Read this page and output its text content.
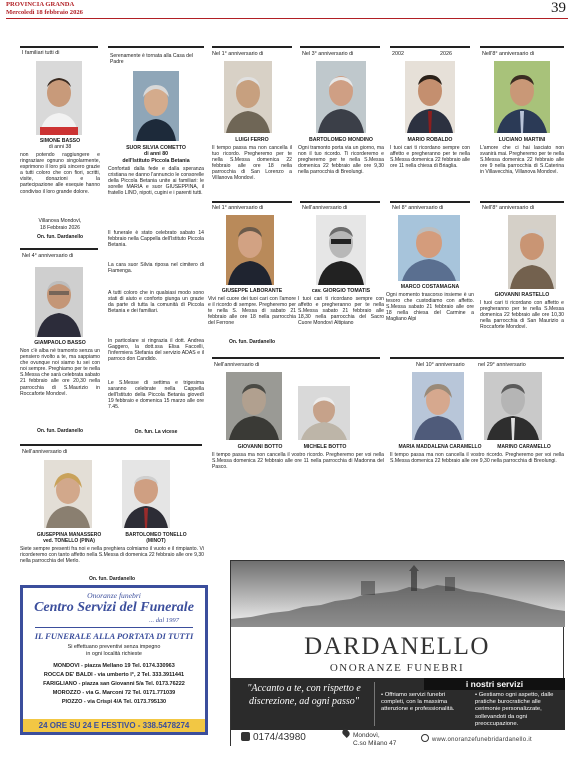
PROVINCIA GRANDA
Mercoledì 18 febbraio 2026	39
I familiari tutti di
SIMONE BASSO
di anni 38
non potendo raggiungere e ringraziare ognuno singolarmente, esprimono il loro più sincero grazie a tutti coloro che con fiori, scritti, visite, donazioni e la partecipazione alle esequie hanno condiviso il loro grande dolore.
Villanova Mondovì,
18 Febbraio 2026
On. fun. Dardanello
Nel 4° anniversario di
GIAMPAOLO BASSO
Non c'è alba né tramonto senza un pensiero rivolto a te, ma sappiamo che ovunque noi siamo tu sei con noi sempre. Preghiamo per te nella S.Messa che sarà celebrata sabato 21 febbraio alle ore 20,30 nella parrocchia di S.Maurizio in Roccaforte Mondovì.
On. fun. Dardanello
Serenamente è tornata alla Casa del Padre
SUOR SILVIA COMETTO
di anni 80
dell'Istituto Piccola Betania
Confortati dalla fede e dalla speranza cristiana ne danno l'annuncio le consorelle della Piccola Betania unite ai familiari: le sorelle MARIA e suor GIUSEPPINA, il fratello LINO, nipoti, cugini e i parenti tutti.
Il funerale è stato celebrato sabato 14 febbraio nella Cappella dell'Istituto Piccola Betania.
La cara suor Silvia riposa nel cimitero di Fiamenga.
A tutti coloro che in qualsiasi modo sono stati di aiuto e conforto giunga un grazie da parte di tutta la comunità di Piccola Betania e dei familiari.
In particolare si ringrazia il dott. Andrea Gaggero, la dott.ssa Elisa Faccelli, l'infermiera Stefania del servizio ADAS e il parroco don Candido.
Le S.Messe di settima e trigesima saranno celebrate nella Cappella dell'Istituto della Piccola Betania giovedì 19 febbraio e domenica 15 marzo alle ore 7.45.
On. fun. La vicese
Nell'anniversario di
GIUSEPPINA MANASSERO
ved. TONELLO (PINA)
BARTOLOMEO TONELLO
(MINOT)
Siete sempre presenti fra noi e nella preghiera colmiamo il vuoto e il rimpianto. Vi ricorderemo con tanto affetto nella S.Messa di domenica 22 febbraio alle ore 9,30 nella parrocchia del Merlo.
On. fun. Dardanello
Onoranze funebri
Centro Servizi del Funerale
... dal 1997
IL FUNERALE ALLA PORTATA DI TUTTI
Si effettuano preventivi senza impegno
in ogni località richieste
MONDOVI - piazza Mellano 19 Tel. 0174.330963
ROCCA DE' BALDI - via umberto I°, 2 Tel. 333.3911441
FARIGLIANO - piazza san Giovanni 5/a Tel. 0173.76222
MOROZZO - via G. Marconi 72 Tel. 0171.771039
PIOZZO - via Crispi 4/A Tel. 0173.795130
24 ORE SU 24 E FESTIVO - 338.5478274
Nel 1° anniversario di
LUIGI FERRO
Il tempo passa ma non cancella il tuo ricordo. Pregheremo per te nella S.Messa domenica 22 febbraio alle ore 18 nella parrocchia di San Lorenzo a Villanova Mondovì.
Nel 3° anniversario di
BARTOLOMEO MONDINO
Ogni tramonto porta via un giorno, ma non il tuo ricordo. Ti ricorderemo e pregheremo per te nella S.Messa domenica 22 febbraio alle ore 9,30 nella parrocchia di Breolungi.
2002	2026
MARIO ROBALDO
I tuoi cari ti ricordano sempre con affetto e pregheranno per te nella S.Messa domenica 22 febbraio alle ore 11 nella chiesa di Briaglia.
Nell'8° anniversario di
LUCIANO MARTINI
L'amore che ci hai lasciato non svanirà mai. Pregheremo per te nella S.Messa domenica 22 febbraio alle ore 9 nella parrocchia di S.Caterina in Villavecchia, Villanova Mondovì.
Nel 1° anniversario di
GIUSEPPE LABORANTE
Vivi nel cuore dei tuoi cari con l'amore e il ricordo di sempre. Pregheremo per te nella S. Messa di sabato 21 febbraio alle ore 18 nella parrocchia del Ferrone
On. fun. Dardanello
Nell'anniversario di
cav. GIORGIO TOMATIS
I tuoi cari ti ricordano sempre con affetto e pregheranno per te nella S.Messa sabato 21 febbraio alle 18,30 nella parrocchia del Sacro Cuore Mondovì Altipiano
Nel 8° anniversario di
MARCO COSTAMAGNA
Ogni momento trascorso insieme è un tesoro che custodiamo con affetto. S.Messa sabato 21 febbraio alle ore 18 nella chiesa del Carmine a Magliano Alpi
Nell'8° anniversario di
GIOVANNI RASTELLO
I tuoi cari ti ricordano con affetto e pregheranno per te nella S.Messa domenica 22 febbraio alle ore 10,30 nella parrocchia di San Maurizio a Roccaforte Mondovì.
Nell'anniversario di
GIOVANNI BOTTO	MICHELE BOTTO
Il tempo passa ma non cancella il vostro ricordo. Pregheremo per voi nella S.Messa domenica 22 febbraio alle ore 11 nella parrocchia di Madonna del Pasco.
Nel 10° anniversario nel 29° anniversario
MARIA MADDALENA CARAMELLO	MARINO CARAMELLO
Il tempo passa ma non cancella il vostro ricordo. Pregheremo per voi nella S.Messa domenica 22 febbraio alle ore 9,30 nella parrocchia di Breolungi.
DARDANELLO
ONORANZE FUNEBRI
"Accanto a te, con rispetto e discrezione, ad ogni passo"
i nostri servizi
• Offriamo servizi funebri completi, con la massima attenzione e professionalità.
• Gestiamo ogni aspetto, dalle pratiche burocratiche alle cerimonie personalizzate, sollevandoti da ogni preoccupazione.
0174/43980	Mondovì,
C.so Milano 47	www.onoranzefunebridardanello.it
